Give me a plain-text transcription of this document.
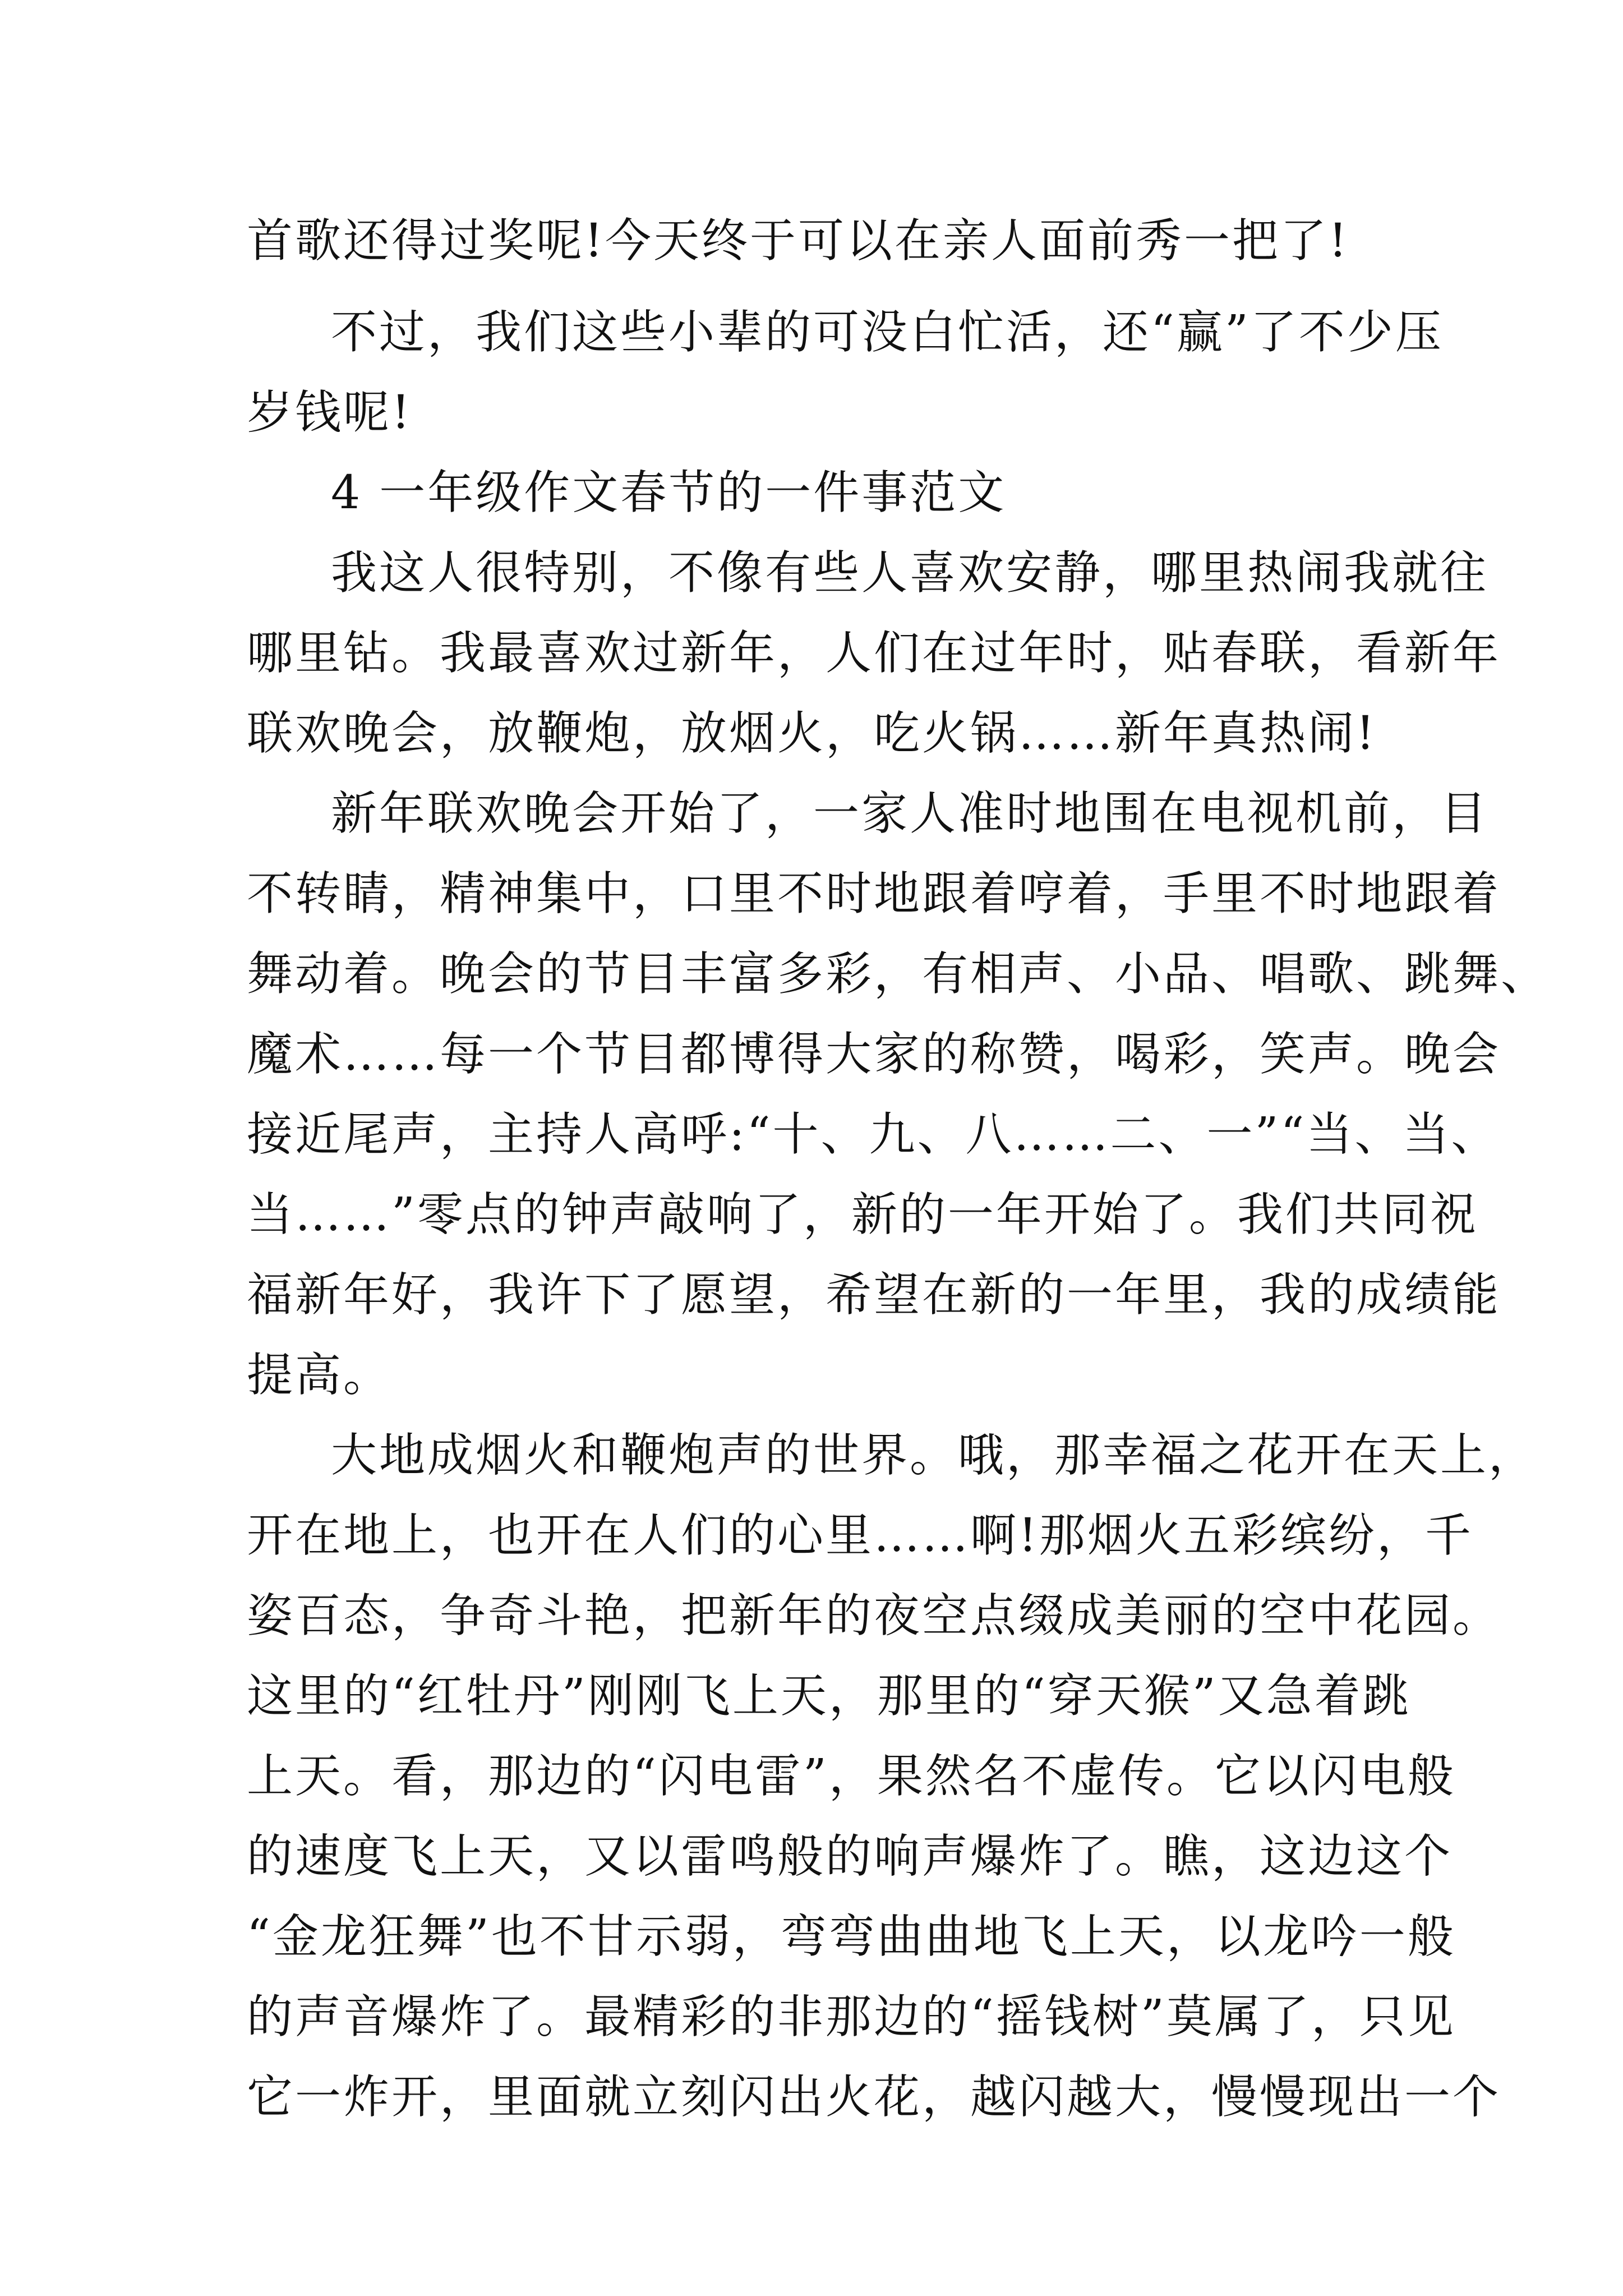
首歌还得过奖呢!今天终于可以在亲人面前秀一把了!
不过，我们这些小辈的可没白忙活，还“赢”了不少压
岁钱呢!
4 一年级作文春节的一件事范文
我这人很特别，不像有些人喜欢安静，哪里热闹我就往
哪里钻。我最喜欢过新年，人们在过年时，贴春联，看新年
联欢晚会，放鞭炮，放烟火，吃火锅……新年真热闹!
新年联欢晚会开始了，一家人准时地围在电视机前，目
不转睛，精神集中，口里不时地跟着哼着，手里不时地跟着
舞动着。晚会的节目丰富多彩，有相声、小品、唱歌、跳舞、
魔术……每一个节目都博得大家的称赞，喝彩，笑声。晚会
接近尾声，主持人高呼:“十、九、八……二、一”“当、当、
当……”零点的钟声敲响了，新的一年开始了。我们共同祝
福新年好，我许下了愿望，希望在新的一年里，我的成绩能
提高。
大地成烟火和鞭炮声的世界。哦，那幸福之花开在天上，
开在地上，也开在人们的心里……啊!那烟火五彩缤纷，千
姿百态，争奇斗艳，把新年的夜空点缀成美丽的空中花园。
这里的“红牡丹”刚刚飞上天，那里的“穿天猴”又急着跳
上天。看，那边的“闪电雷”，果然名不虚传。它以闪电般
的速度飞上天，又以雷鸣般的响声爆炸了。瞧，这边这个
“金龙狂舞”也不甘示弱，弯弯曲曲地飞上天，以龙吟一般
的声音爆炸了。最精彩的非那边的“摇钱树”莫属了，只见
它一炸开，里面就立刻闪出火花，越闪越大，慢慢现出一个
